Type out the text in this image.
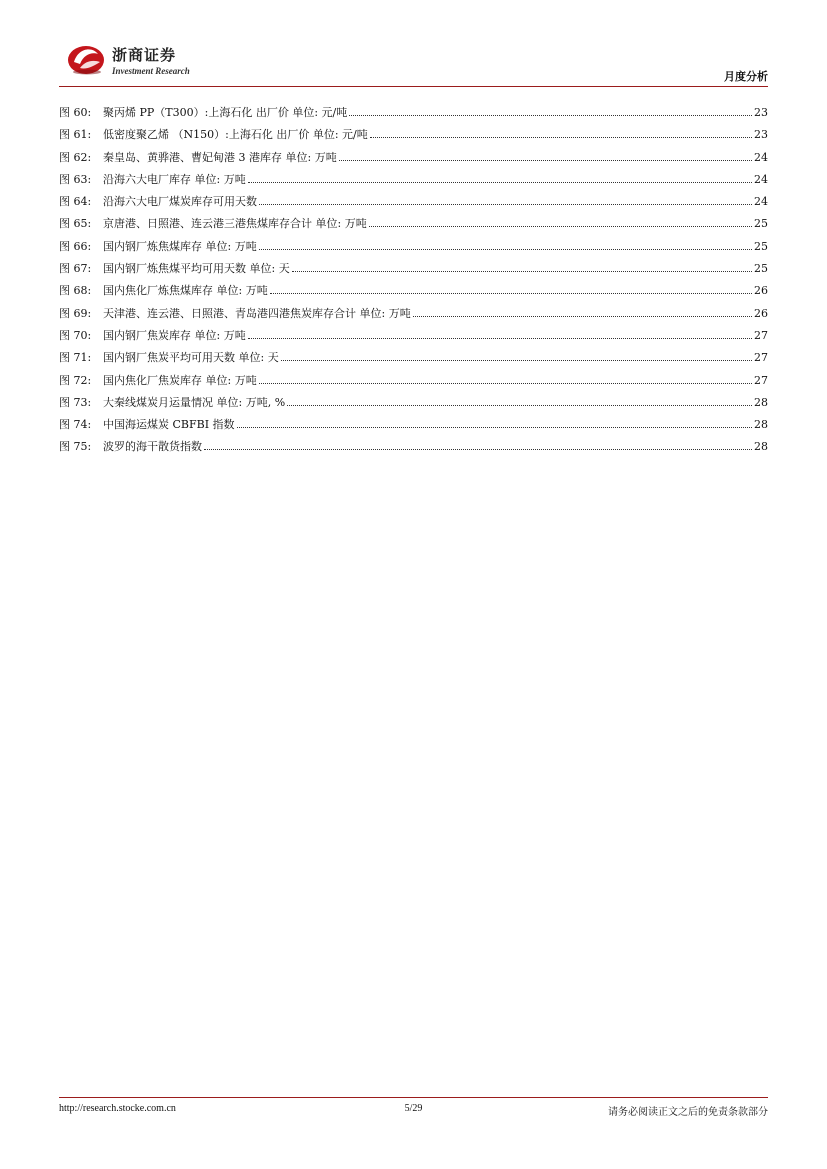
浙商证券
Investment Research	月度分析
图 60:	聚丙烯 PP（T300）:上海石化 出厂价 单位: 元/吨	23
图 61:	低密度聚乙烯 （N150）:上海石化 出厂价 单位: 元/吨	23
图 62:	秦皇岛、黄骅港、曹妃甸港 3 港库存 单位: 万吨	24
图 63:	沿海六大电厂库存 单位: 万吨	24
图 64:	沿海六大电厂煤炭库存可用天数	24
图 65:	京唐港、日照港、连云港三港焦煤库存合计 单位: 万吨	25
图 66:	国内钢厂炼焦煤库存 单位: 万吨	25
图 67:	国内钢厂炼焦煤平均可用天数 单位: 天	25
图 68:	国内焦化厂炼焦煤库存 单位: 万吨	26
图 69:	天津港、连云港、日照港、青岛港四港焦炭库存合计 单位: 万吨	26
图 70:	国内钢厂焦炭库存 单位: 万吨	27
图 71:	国内钢厂焦炭平均可用天数 单位: 天	27
图 72:	国内焦化厂焦炭库存 单位: 万吨	27
图 73:	大秦线煤炭月运量情况 单位: 万吨, %	28
图 74:	中国海运煤炭 CBFBI 指数	28
图 75:	波罗的海干散货指数	28
http://research.stocke.com.cn	5/29	请务必阅读正文之后的免责条款部分
